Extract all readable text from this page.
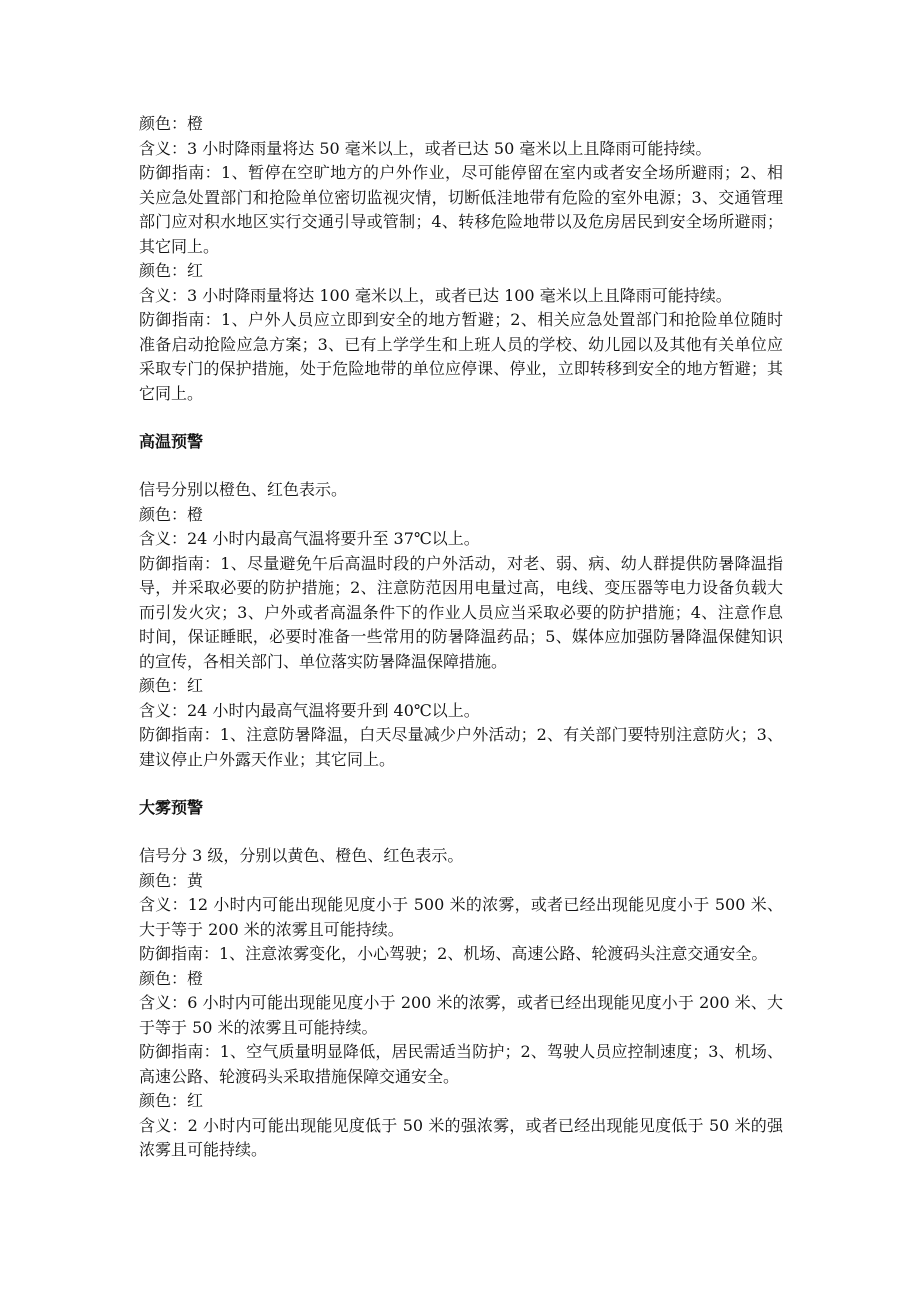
颜色：橙

含义：3 小时降雨量将达 50 毫米以上，或者已达 50 毫米以上且降雨可能持续。

防御指南：1、暂停在空旷地方的户外作业，尽可能停留在室内或者安全场所避雨；2、相关应急处置部门和抢险单位密切监视灾情，切断低洼地带有危险的室外电源；3、交通管理部门应对积水地区实行交通引导或管制；4、转移危险地带以及危房居民到安全场所避雨；其它同上。

颜色：红

含义：3 小时降雨量将达 100 毫米以上，或者已达 100 毫米以上且降雨可能持续。

防御指南：1、户外人员应立即到安全的地方暂避；2、相关应急处置部门和抢险单位随时准备启动抢险应急方案；3、已有上学学生和上班人员的学校、幼儿园以及其他有关单位应采取专门的保护措施，处于危险地带的单位应停课、停业，立即转移到安全的地方暂避；其它同上。

高温预警

信号分别以橙色、红色表示。

颜色：橙

含义：24 小时内最高气温将要升至 37℃以上。

防御指南：1、尽量避免午后高温时段的户外活动，对老、弱、病、幼人群提供防暑降温指导，并采取必要的防护措施；2、注意防范因用电量过高，电线、变压器等电力设备负载大而引发火灾；3、户外或者高温条件下的作业人员应当采取必要的防护措施；4、注意作息时间，保证睡眠，必要时准备一些常用的防暑降温药品；5、媒体应加强防暑降温保健知识的宣传，各相关部门、单位落实防暑降温保障措施。

颜色：红

含义：24 小时内最高气温将要升到 40℃以上。

防御指南：1、注意防暑降温，白天尽量减少户外活动；2、有关部门要特别注意防火；3、建议停止户外露天作业；其它同上。

大雾预警

信号分 3 级，分别以黄色、橙色、红色表示。

颜色：黄

含义：12 小时内可能出现能见度小于 500 米的浓雾，或者已经出现能见度小于 500 米、大于等于 200 米的浓雾且可能持续。

防御指南：1、注意浓雾变化，小心驾驶；2、机场、高速公路、轮渡码头注意交通安全。

颜色：橙

含义：6 小时内可能出现能见度小于 200 米的浓雾，或者已经出现能见度小于 200 米、大于等于 50 米的浓雾且可能持续。

防御指南：1、空气质量明显降低，居民需适当防护；2、驾驶人员应控制速度；3、机场、高速公路、轮渡码头采取措施保障交通安全。

颜色：红

含义：2 小时内可能出现能见度低于 50 米的强浓雾，或者已经出现能见度低于 50 米的强浓雾且可能持续。
